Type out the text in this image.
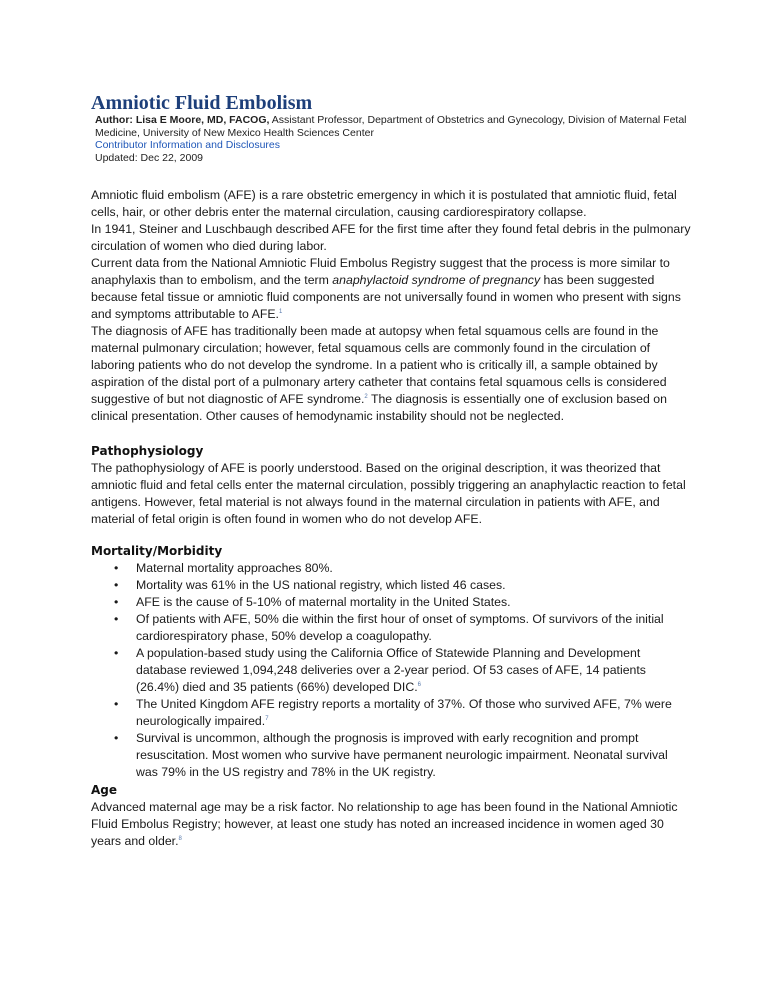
Amniotic Fluid Embolism
Author: Lisa E Moore, MD, FACOG, Assistant Professor, Department of Obstetrics and Gynecology, Division of Maternal Fetal Medicine, University of New Mexico Health Sciences Center
Contributor Information and Disclosures
Updated: Dec 22, 2009

Amniotic fluid embolism (AFE) is a rare obstetric emergency in which it is postulated that amniotic fluid, fetal cells, hair, or other debris enter the maternal circulation, causing cardiorespiratory collapse.

In 1941, Steiner and Luschbaugh described AFE for the first time after they found fetal debris in the pulmonary circulation of women who died during labor.

Current data from the National Amniotic Fluid Embolus Registry suggest that the process is more similar to anaphylaxis than to embolism, and the term anaphylactoid syndrome of pregnancy has been suggested because fetal tissue or amniotic fluid components are not universally found in women who present with signs and symptoms attributable to AFE.$^1$

The diagnosis of AFE has traditionally been made at autopsy when fetal squamous cells are found in the maternal pulmonary circulation; however, fetal squamous cells are commonly found in the circulation of laboring patients who do not develop the syndrome. In a patient who is critically ill, a sample obtained by aspiration of the distal port of a pulmonary artery catheter that contains fetal squamous cells is considered suggestive of but not diagnostic of AFE syndrome.$^2$ The diagnosis is essentially one of exclusion based on clinical presentation. Other causes of hemodynamic instability should not be neglected.

Pathophysiology

The pathophysiology of AFE is poorly understood. Based on the original description, it was theorized that amniotic fluid and fetal cells enter the maternal circulation, possibly triggering an anaphylactic reaction to fetal antigens. However, fetal material is not always found in the maternal circulation in patients with AFE, and material of fetal origin is often found in women who do not develop AFE.

Mortality/Morbidity
• Maternal mortality approaches 80%.
• Mortality was 61% in the US national registry, which listed 46 cases.
• AFE is the cause of 5-10% of maternal mortality in the United States.
• Of patients with AFE, 50% die within the first hour of onset of symptoms. Of survivors of the initial cardiorespiratory phase, 50% develop a coagulopathy.
• A population-based study using the California Office of Statewide Planning and Development database reviewed 1,094,248 deliveries over a 2-year period. Of 53 cases of AFE, 14 patients (26.4%) died and 35 patients (66%) developed DIC.$^6$
• The United Kingdom AFE registry reports a mortality of 37%. Of those who survived AFE, 7% were neurologically impaired.$^7$
• Survival is uncommon, although the prognosis is improved with early recognition and prompt resuscitation. Most women who survive have permanent neurologic impairment. Neonatal survival was 79% in the US registry and 78% in the UK registry.
Age

Advanced maternal age may be a risk factor. No relationship to age has been found in the National Amniotic Fluid Embolus Registry; however, at least one study has noted an increased incidence in women aged 30 years and older.$^8$
